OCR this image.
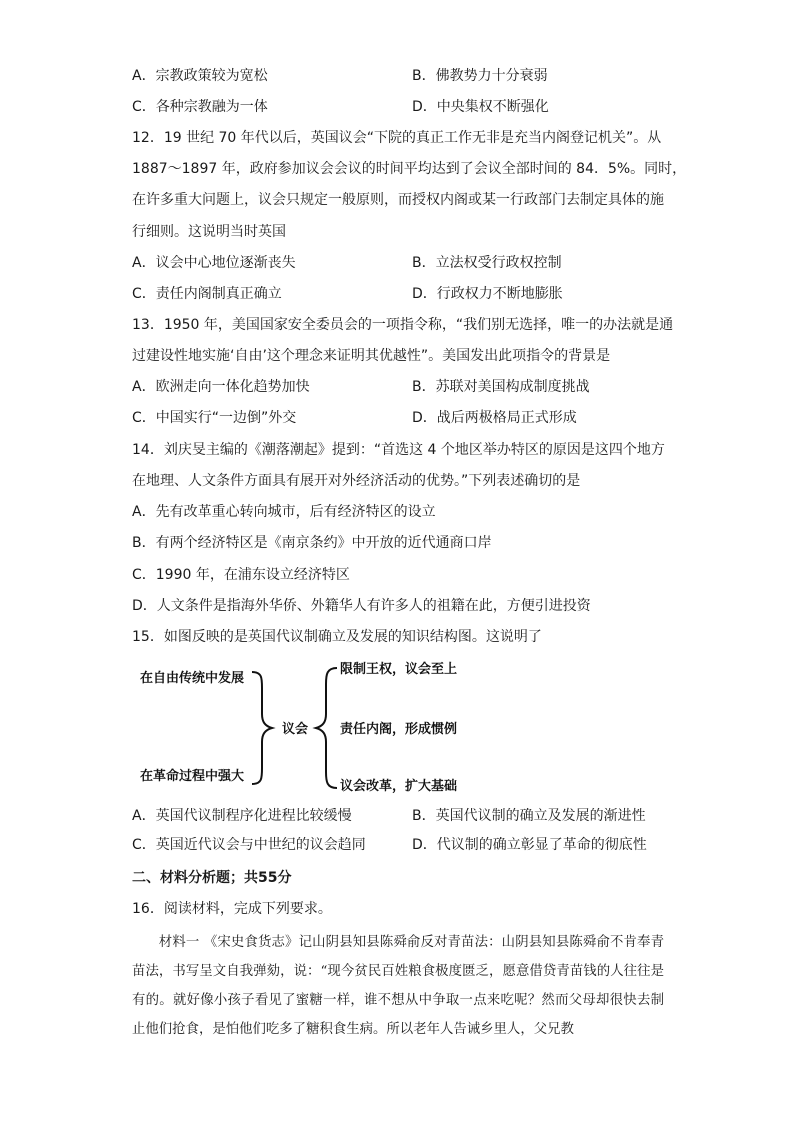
A．宗教政策较为宽松	B．佛教势力十分衰弱
C．各种宗教融为一体	D．中央集权不断强化
12．19 世纪 70 年代以后，英国议会“下院的真正工作无非是充当内阁登记机关”。从
1887～1897 年，政府参加议会会议的时间平均达到了会议全部时间的 84．5%。同时，
在许多重大问题上，议会只规定一般原则，而授权内阁或某一行政部门去制定具体的施
行细则。这说明当时英国
A．议会中心地位逐渐丧失	B．立法权受行政权控制
C．责任内阁制真正确立	D．行政权力不断地膨胀
13．1950 年，美国国家安全委员会的一项指令称，“我们别无选择，唯一的办法就是通
过建设性地实施‘自由’这个理念来证明其优越性”。美国发出此项指令的背景是
A．欧洲走向一体化趋势加快	B．苏联对美国构成制度挑战
C．中国实行“一边倒”外交	D．战后两极格局正式形成
14．刘庆旻主编的《潮落潮起》提到：“首选这 4 个地区举办特区的原因是这四个地方
在地理、人文条件方面具有展开对外经济活动的优势。”下列表述确切的是
A．先有改革重心转向城市，后有经济特区的设立
B．有两个经济特区是《南京条约》中开放的近代通商口岸
C．1990 年，在浦东设立经济特区
D．人文条件是指海外华侨、外籍华人有许多人的祖籍在此，方便引进投资
15．如图反映的是英国代议制确立及发展的知识结构图。这说明了
在自由传统中发展
在革命过程中强大
议会
限制王权，议会至上
责任内阁，形成惯例
议会改革，扩大基础
A．英国代议制程序化进程比较缓慢	B．英国代议制的确立及发展的渐进性
C．英国近代议会与中世纪的议会趋同	D．代议制的确立彰显了革命的彻底性
二、材料分析题；共55分
16．阅读材料，完成下列要求。
材料一 《宋史食货志》记山阴县知县陈舜俞反对青苗法：山阴县知县陈舜俞不肯奉青苗法，书写呈文自我弹劾，说：“现今贫民百姓粮食极度匮乏，愿意借贷青苗钱的人往往是有的。就好像小孩子看见了蜜糖一样，谁不想从中争取一点来吃呢？然而父母却很快去制止他们抢食，是怕他们吃多了糖积食生病。所以老年人告诫乡里人，父兄教
